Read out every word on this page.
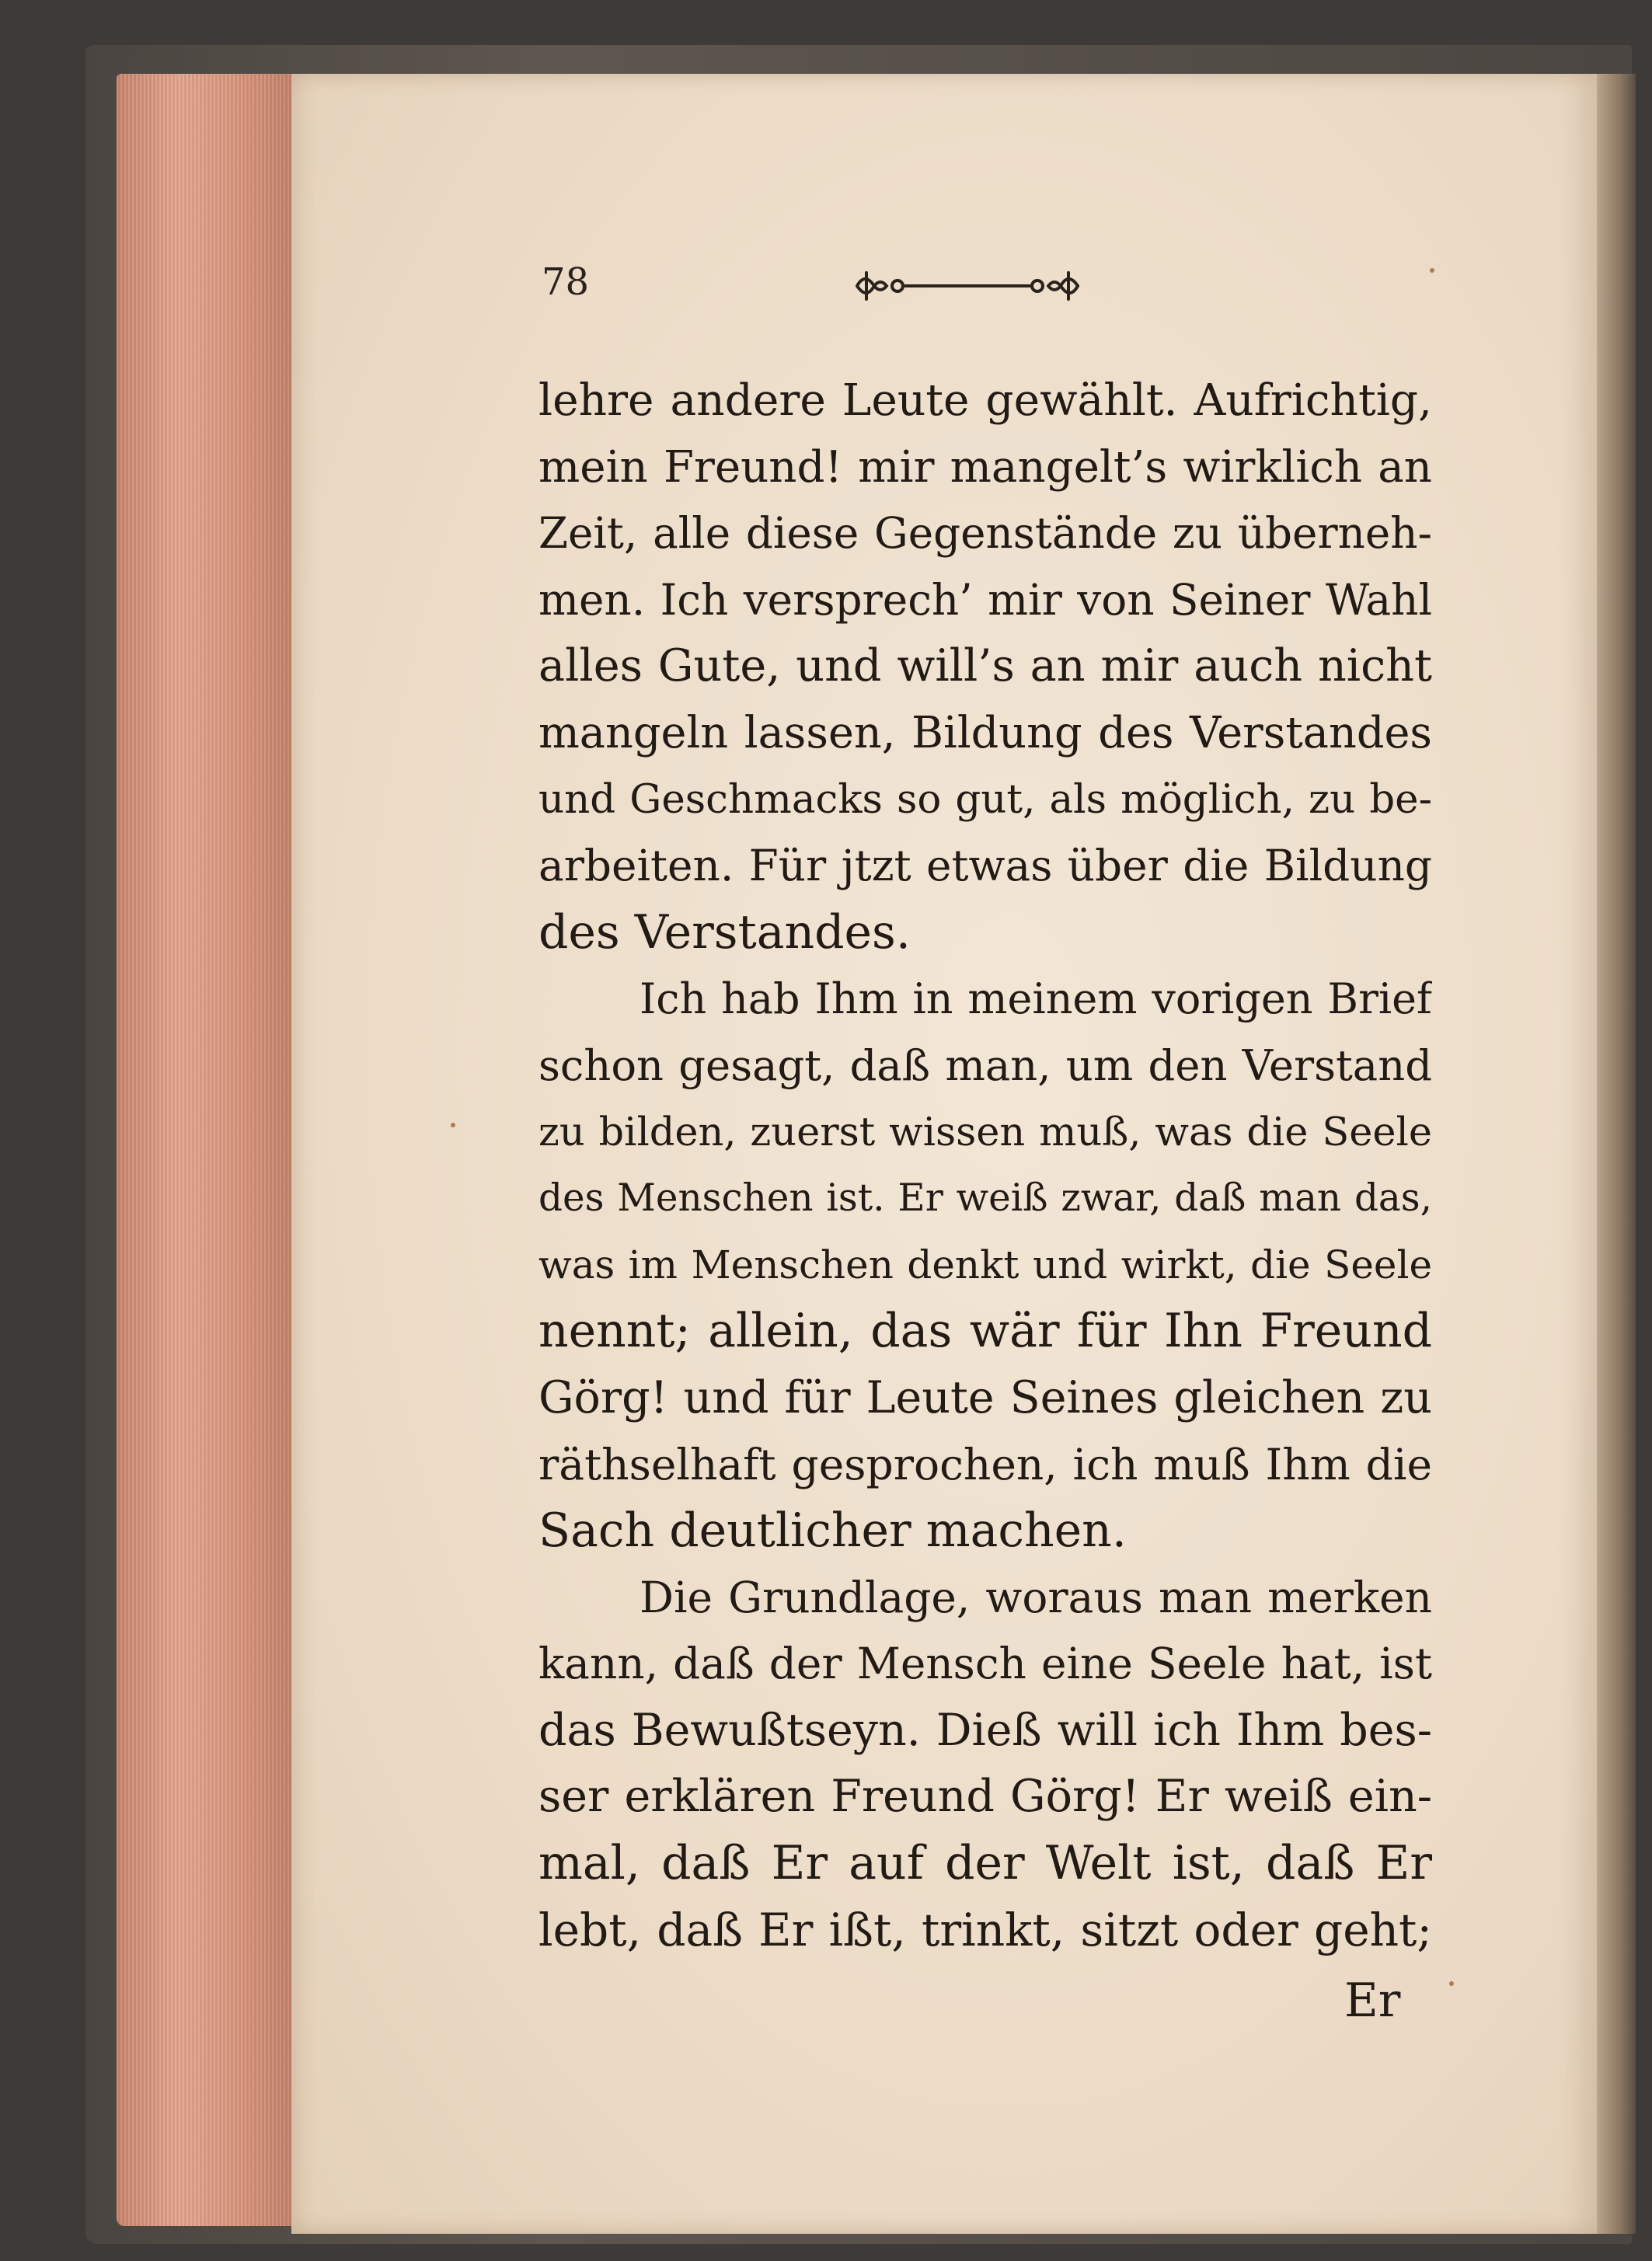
78

lehre andere Leute gewählt. Aufrichtig,
mein Freund! mir mangelt’s wirklich an
Zeit, alle diese Gegenstände zu überneh-
men. Ich versprech’ mir von Seiner Wahl
alles Gute, und will’s an mir auch nicht
mangeln lassen, Bildung des Verstandes
und Geschmacks so gut, als möglich, zu be-
arbeiten. Für jtzt etwas über die Bildung
des Verstandes.
Ich hab Ihm in meinem vorigen Brief
schon gesagt, daß man, um den Verstand
zu bilden, zuerst wissen muß, was die Seele
des Menschen ist. Er weiß zwar, daß man das,
was im Menschen denkt und wirkt, die Seele
nennt; allein, das wär für Ihn Freund
Görg! und für Leute Seines gleichen zu
räthselhaft gesprochen, ich muß Ihm die
Sach deutlicher machen.
Die Grundlage, woraus man merken
kann, daß der Mensch eine Seele hat, ist
das Bewußtseyn. Dieß will ich Ihm bes-
ser erklären Freund Görg! Er weiß ein-
mal, daß Er auf der Welt ist, daß Er
lebt, daß Er ißt, trinkt, sitzt oder geht;
Er
